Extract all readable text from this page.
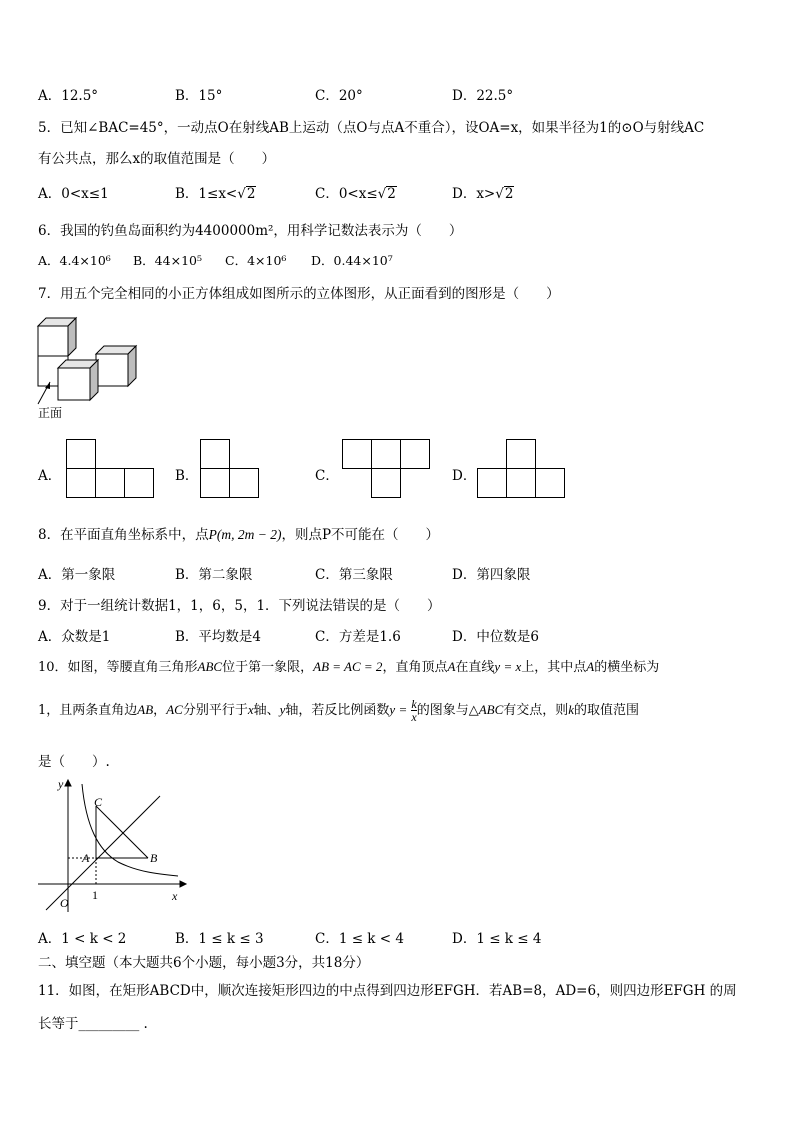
A．12.5°	B．15°	C．20°	D．22.5°
5．已知∠BAC=45°，一动点O在射线AB上运动（点O与点A不重合），设OA=x，如果半径为1的⊙O与射线AC
有公共点，那么x的取值范围是（　　）
A．0<x≤1	B．1≤x<√2	C．0<x≤√2	D．x>√2
6．我国的钓鱼岛面积约为4400000m²，用科学记数法表示为（　　）
A．4.4×10⁶ B．44×10⁵ C．4×10⁶ D．0.44×10⁷
7．用五个完全相同的小正方体组成如图所示的立体图形，从正面看到的图形是（　　）
正面
A．	B．	C．	D．
8．在平面直角坐标系中，点P(m, 2m − 2)，则点P不可能在（　　）
A．第一象限	B．第二象限	C．第三象限	D．第四象限
9．对于一组统计数据1，1，6，5，1．下列说法错误的是（　　）
A．众数是1	B．平均数是4	C．方差是1.6	D．中位数是6
10．如图，等腰直角三角形ABC位于第一象限，AB = AC = 2，直角顶点A在直线y = x上，其中点A的横坐标为
1，且两条直角边AB，AC分别平行于x轴、y轴，若反比例函数$y = \frac{k}{x}$ 的图象与△ABC有交点，则k的取值范围
是（　　）.
y
x
O
A	B
C
1
A．1 < k < 2	B．1 ≤ k ≤ 3	C．1 ≤ k < 4	D．1 ≤ k ≤ 4
二、填空题（本大题共6个小题，每小题3分，共18分）
11．如图，在矩形ABCD中，顺次连接矩形四边的中点得到四边形EFGH．若AB=8，AD=6，则四边形EFGH 的周
长等于_________ .
